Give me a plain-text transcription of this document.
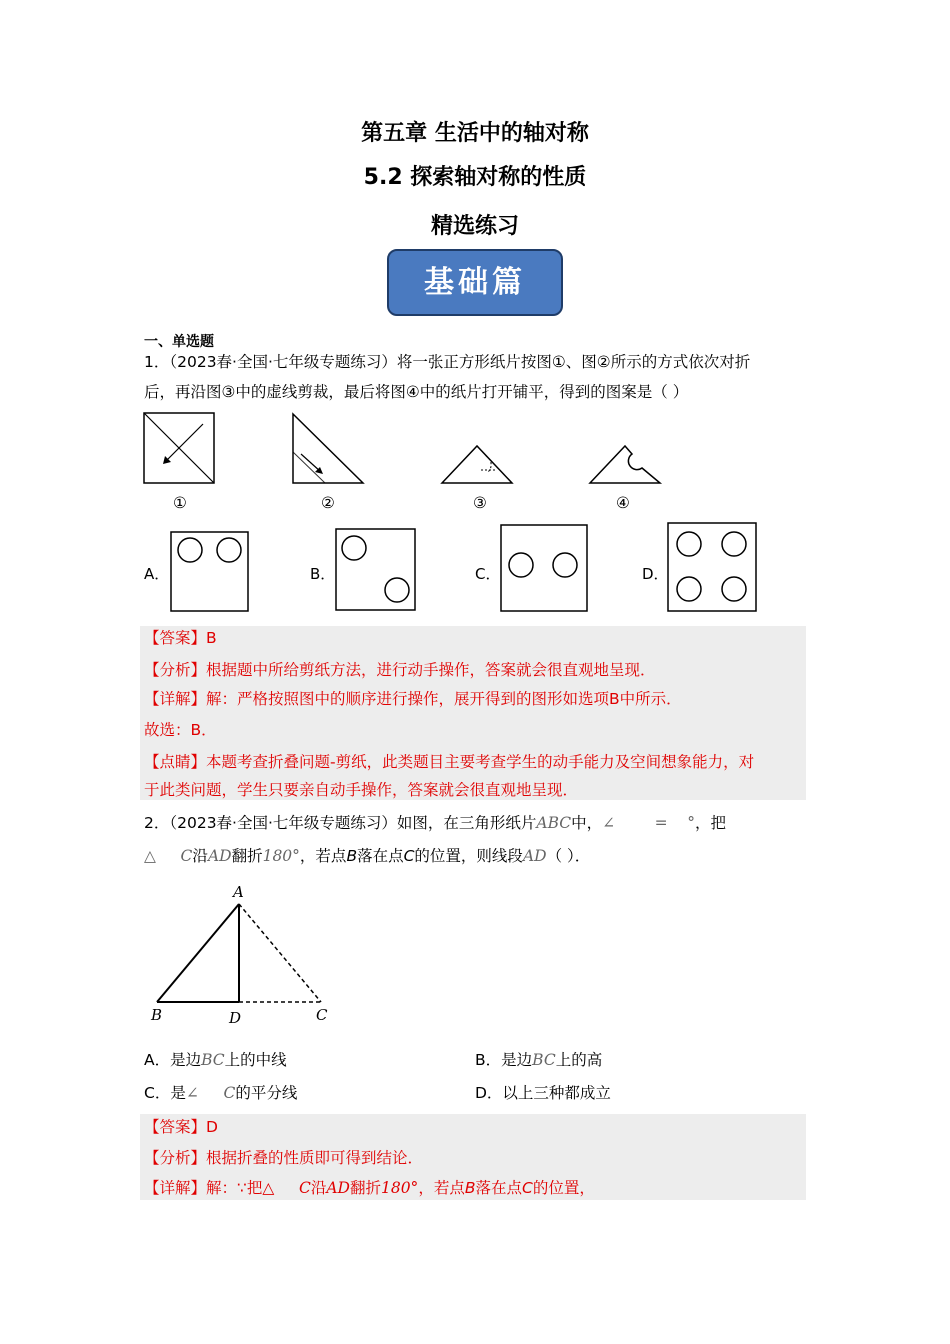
第五章 生活中的轴对称
5.2 探索轴对称的性质
精选练习
基础篇
一、单选题
1．（2023春·全国·七年级专题练习）将一张正方形纸片按图①、图②所示的方式依次对折
后，再沿图③中的虚线剪裁，最后将图④中的纸片打开铺平，得到的图案是（ ）
①	②	③	④
A．	B．	C．	D．
【答案】B
【分析】根据题中所给剪纸方法，进行动手操作，答案就会很直观地呈现．
【详解】解：严格按照图中的顺序进行操作，展开得到的图形如选项B中所示．
故选：B．
【点睛】本题考查折叠问题-剪纸，此类题目主要考查学生的动手能力及空间想象能力，对
于此类问题，学生只要亲自动手操作，答案就会很直观地呈现．
2．（2023春·全国·七年级专题练习）如图，在三角形纸片ABC中，∠        =    °，把
△     C沿AD翻折180°，若点B落在点C的位置，则线段AD（ ）．
A
B	D	C
A．是边BC上的中线	B．是边BC上的高
C．是∠     C的平分线	D．以上三种都成立
【答案】D
【分析】根据折叠的性质即可得到结论．
【详解】解：∵把△     C沿AD翻折180°，若点B落在点C的位置，
